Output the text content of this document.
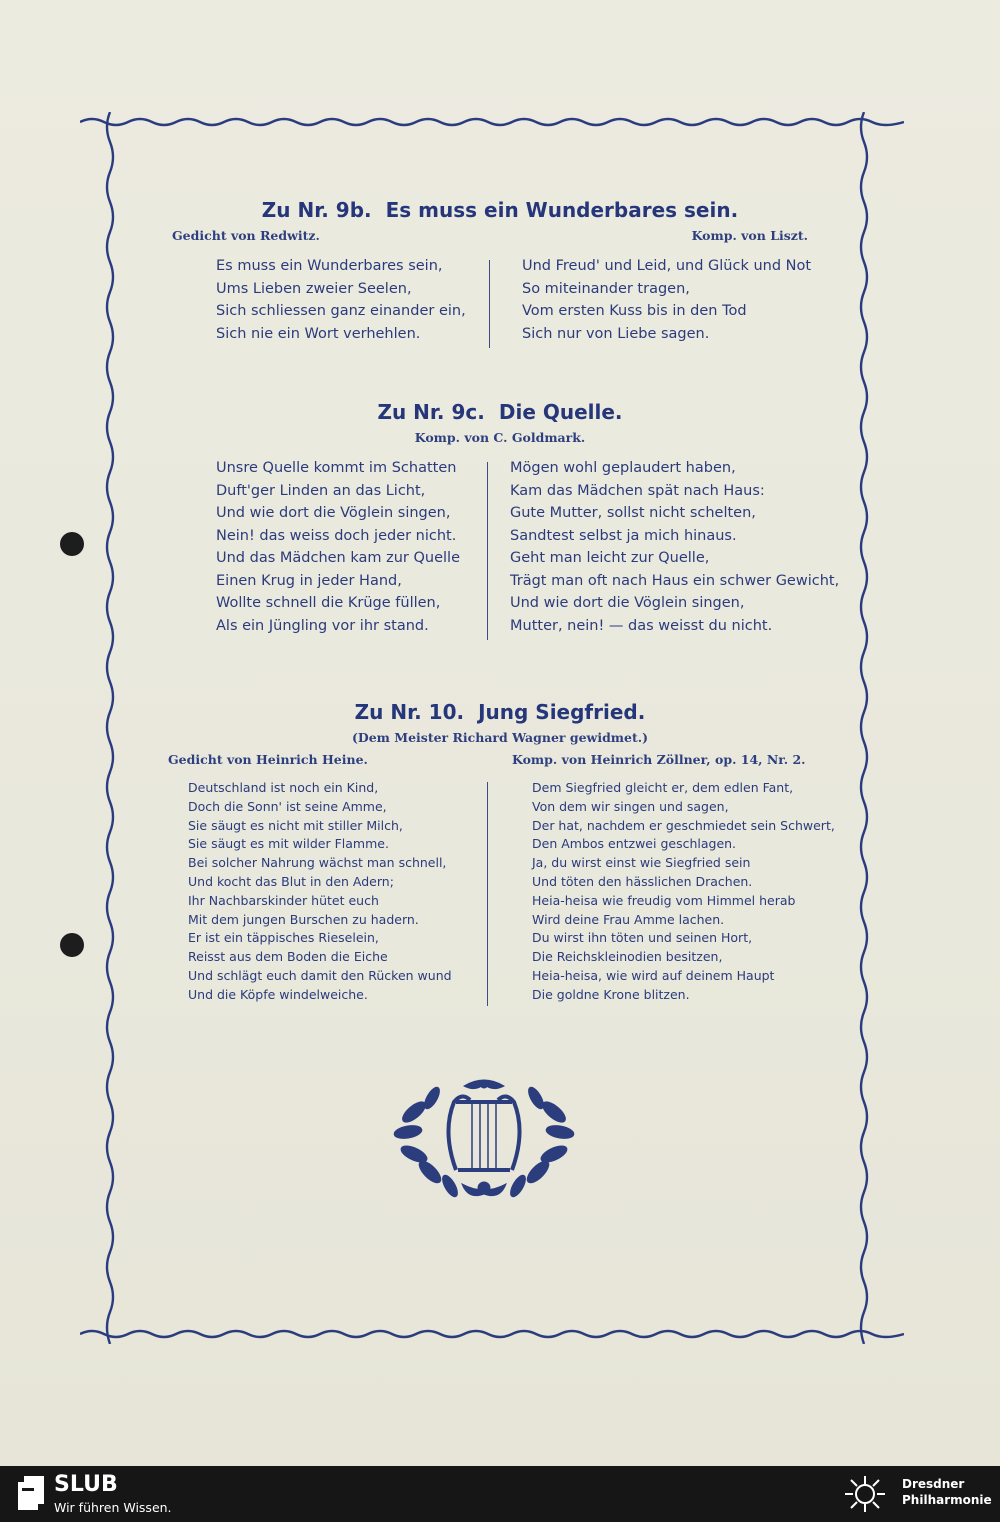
Zu Nr. 9b. Es muss ein Wunderbares sein.
Gedicht von Redwitz.	Komp. von Liszt.
Es muss ein Wunderbares sein,
Ums Lieben zweier Seelen,
Sich schliessen ganz einander ein,
Sich nie ein Wort verhehlen.
Und Freud' und Leid, und Glück und Not
So miteinander tragen,
Vom ersten Kuss bis in den Tod
Sich nur von Liebe sagen.
Zu Nr. 9c. Die Quelle.
Komp. von C. Goldmark.
Unsre Quelle kommt im Schatten
Duft'ger Linden an das Licht,
Und wie dort die Vöglein singen,
Nein! das weiss doch jeder nicht.
Und das Mädchen kam zur Quelle
Einen Krug in jeder Hand,
Wollte schnell die Krüge füllen,
Als ein Jüngling vor ihr stand.
Mögen wohl geplaudert haben,
Kam das Mädchen spät nach Haus:
Gute Mutter, sollst nicht schelten,
Sandtest selbst ja mich hinaus.
Geht man leicht zur Quelle,
Trägt man oft nach Haus ein schwer Gewicht,
Und wie dort die Vöglein singen,
Mutter, nein! — das weisst du nicht.
Zu Nr. 10. Jung Siegfried.
(Dem Meister Richard Wagner gewidmet.)
Gedicht von Heinrich Heine.	Komp. von Heinrich Zöllner, op. 14, Nr. 2.
Deutschland ist noch ein Kind,
Doch die Sonn' ist seine Amme,
Sie säugt es nicht mit stiller Milch,
Sie säugt es mit wilder Flamme.
Bei solcher Nahrung wächst man schnell,
Und kocht das Blut in den Adern;
Ihr Nachbarskinder hütet euch
Mit dem jungen Burschen zu hadern.
Er ist ein täppisches Rieselein,
Reisst aus dem Boden die Eiche
Und schlägt euch damit den Rücken wund
Und die Köpfe windelweiche.
Dem Siegfried gleicht er, dem edlen Fant,
Von dem wir singen und sagen,
Der hat, nachdem er geschmiedet sein Schwert,
Den Ambos entzwei geschlagen.
Ja, du wirst einst wie Siegfried sein
Und töten den hässlichen Drachen.
Heia-heisa wie freudig vom Himmel herab
Wird deine Frau Amme lachen.
Du wirst ihn töten und seinen Hort,
Die Reichskleinodien besitzen,
Heia-heisa, wie wird auf deinem Haupt
Die goldne Krone blitzen.
SLUB
Wir führen Wissen.
Dresdner
Philharmonie
